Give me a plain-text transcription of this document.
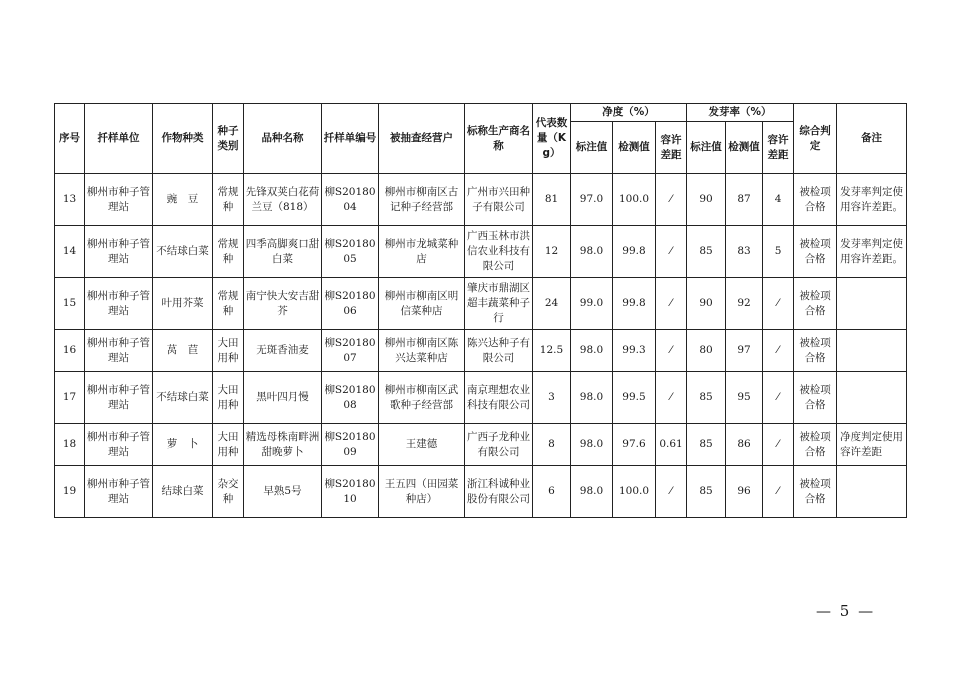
序号	扦样单位	作物种类	种子类别	品种名称	扦样单编号	被抽查经营户	标称生产商名称	代表数量（Kg）	净度（%）			发芽率（%）			综合判定	备注
									标注值	检测值	容许差距	标注值	检测值	容许差距		
13	柳州市种子管理站	豌　豆	常规种	先锋双荚白花荷兰豆（818）	柳S2018004	柳州市柳南区古记种子经营部	广州市兴田种子有限公司	81	97.0	100.0	⁄	90	87	4	被检项合格	发芽率判定使用容许差距。
14	柳州市种子管理站	不结球白菜	常规种	四季高脚爽口甜白菜	柳S2018005	柳州市龙城菜种店	广西玉林市洪信农业科技有限公司	12	98.0	99.8	⁄	85	83	5	被检项合格	发芽率判定使用容许差距。
15	柳州市种子管理站	叶用芥菜	常规种	南宁快大安吉甜芥	柳S2018006	柳州市柳南区明信菜种店	肇庆市鼎湖区超丰蔬菜种子行	24	99.0	99.8	⁄	90	92	⁄	被检项合格	
16	柳州市种子管理站	莴　苣	大田用种	无斑香油麦	柳S2018007	柳州市柳南区陈兴达菜种店	陈兴达种子有限公司	12.5	98.0	99.3	⁄	80	97	⁄	被检项合格	
17	柳州市种子管理站	不结球白菜	大田用种	黑叶四月慢	柳S2018008	柳州市柳南区武歌种子经营部	南京理想农业科技有限公司	3	98.0	99.5	⁄	85	95	⁄	被检项合格	
18	柳州市种子管理站	萝　卜	大田用种	精选母株南畔洲甜晚萝卜	柳S2018009	王建德	广西子龙种业有限公司	8	98.0	97.6	0.61	85	86	⁄	被检项合格	净度判定使用容许差距
19	柳州市种子管理站	结球白菜	杂交种	早熟5号	柳S2018010	王五四（田园菜种店）	浙江科诚种业股份有限公司	6	98.0	100.0	⁄	85	96	⁄	被检项合格	
— 5 —
